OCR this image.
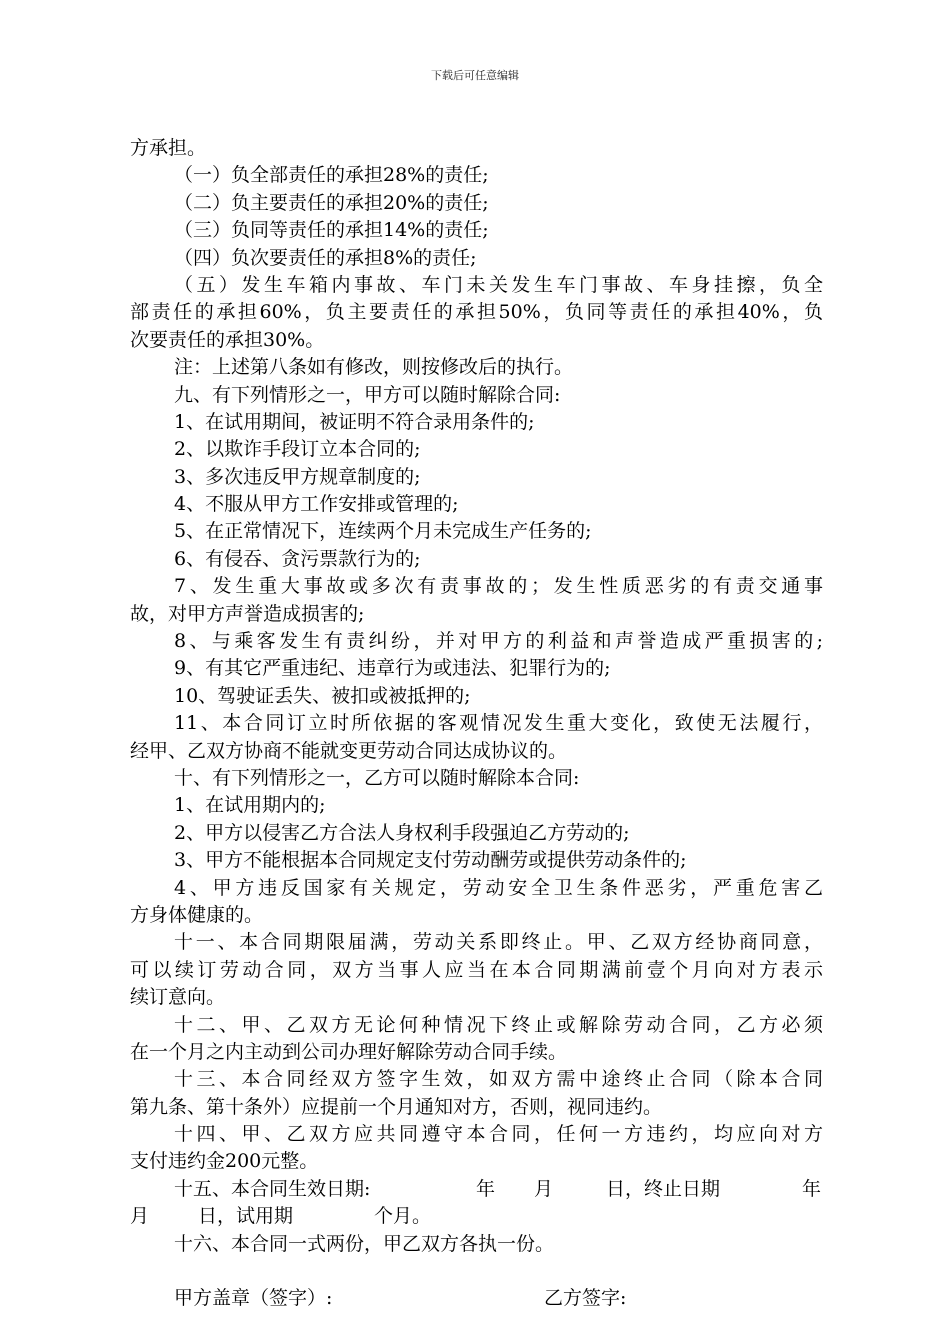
下载后可任意编辑
方承担。
（一）负全部责任的承担28%的责任;
（二）负主要责任的承担20%的责任;
（三）负同等责任的承担14%的责任;
（四）负次要责任的承担8%的责任;
（五）发生车箱内事故、车门未关发生车门事故、车身挂擦，负全
部责任的承担60%，负主要责任的承担50%，负同等责任的承担40%，负
次要责任的承担30%。
注：上述第八条如有修改，则按修改后的执行。
九、有下列情形之一，甲方可以随时解除合同:
1、在试用期间，被证明不符合录用条件的;
2、以欺诈手段订立本合同的;
3、多次违反甲方规章制度的;
4、不服从甲方工作安排或管理的;
5、在正常情况下，连续两个月未完成生产任务的;
6、有侵吞、贪污票款行为的;
7、发生重大事故或多次有责事故的；发生性质恶劣的有责交通事
故，对甲方声誉造成损害的;
8、与乘客发生有责纠纷，并对甲方的利益和声誉造成严重损害的;
9、有其它严重违纪、违章行为或违法、犯罪行为的;
10、驾驶证丢失、被扣或被抵押的;
11、本合同订立时所依据的客观情况发生重大变化，致使无法履行，
经甲、乙双方协商不能就变更劳动合同达成协议的。
十、有下列情形之一，乙方可以随时解除本合同:
1、在试用期内的;
2、甲方以侵害乙方合法人身权利手段强迫乙方劳动的;
3、甲方不能根据本合同规定支付劳动酬劳或提供劳动条件的;
4、甲方违反国家有关规定，劳动安全卫生条件恶劣，严重危害乙
方身体健康的。
十一、本合同期限届满，劳动关系即终止。甲、乙双方经协商同意，
可以续订劳动合同，双方当事人应当在本合同期满前壹个月向对方表示
续订意向。
十二、甲、乙双方无论何种情况下终止或解除劳动合同，乙方必须
在一个月之内主动到公司办理好解除劳动合同手续。
十三、本合同经双方签字生效，如双方需中途终止合同（除本合同
第九条、第十条外）应提前一个月通知对方，否则，视同违约。
十四、甲、乙双方应共同遵守本合同，任何一方违约，均应向对方
支付违约金200元整。
十五、本合同生效日期:	年 月	日，终止日期	年
月	日，试用期	个月。
十六、本合同一式两份，甲乙双方各执一份。
甲方盖章（签字）:	乙方签字:
